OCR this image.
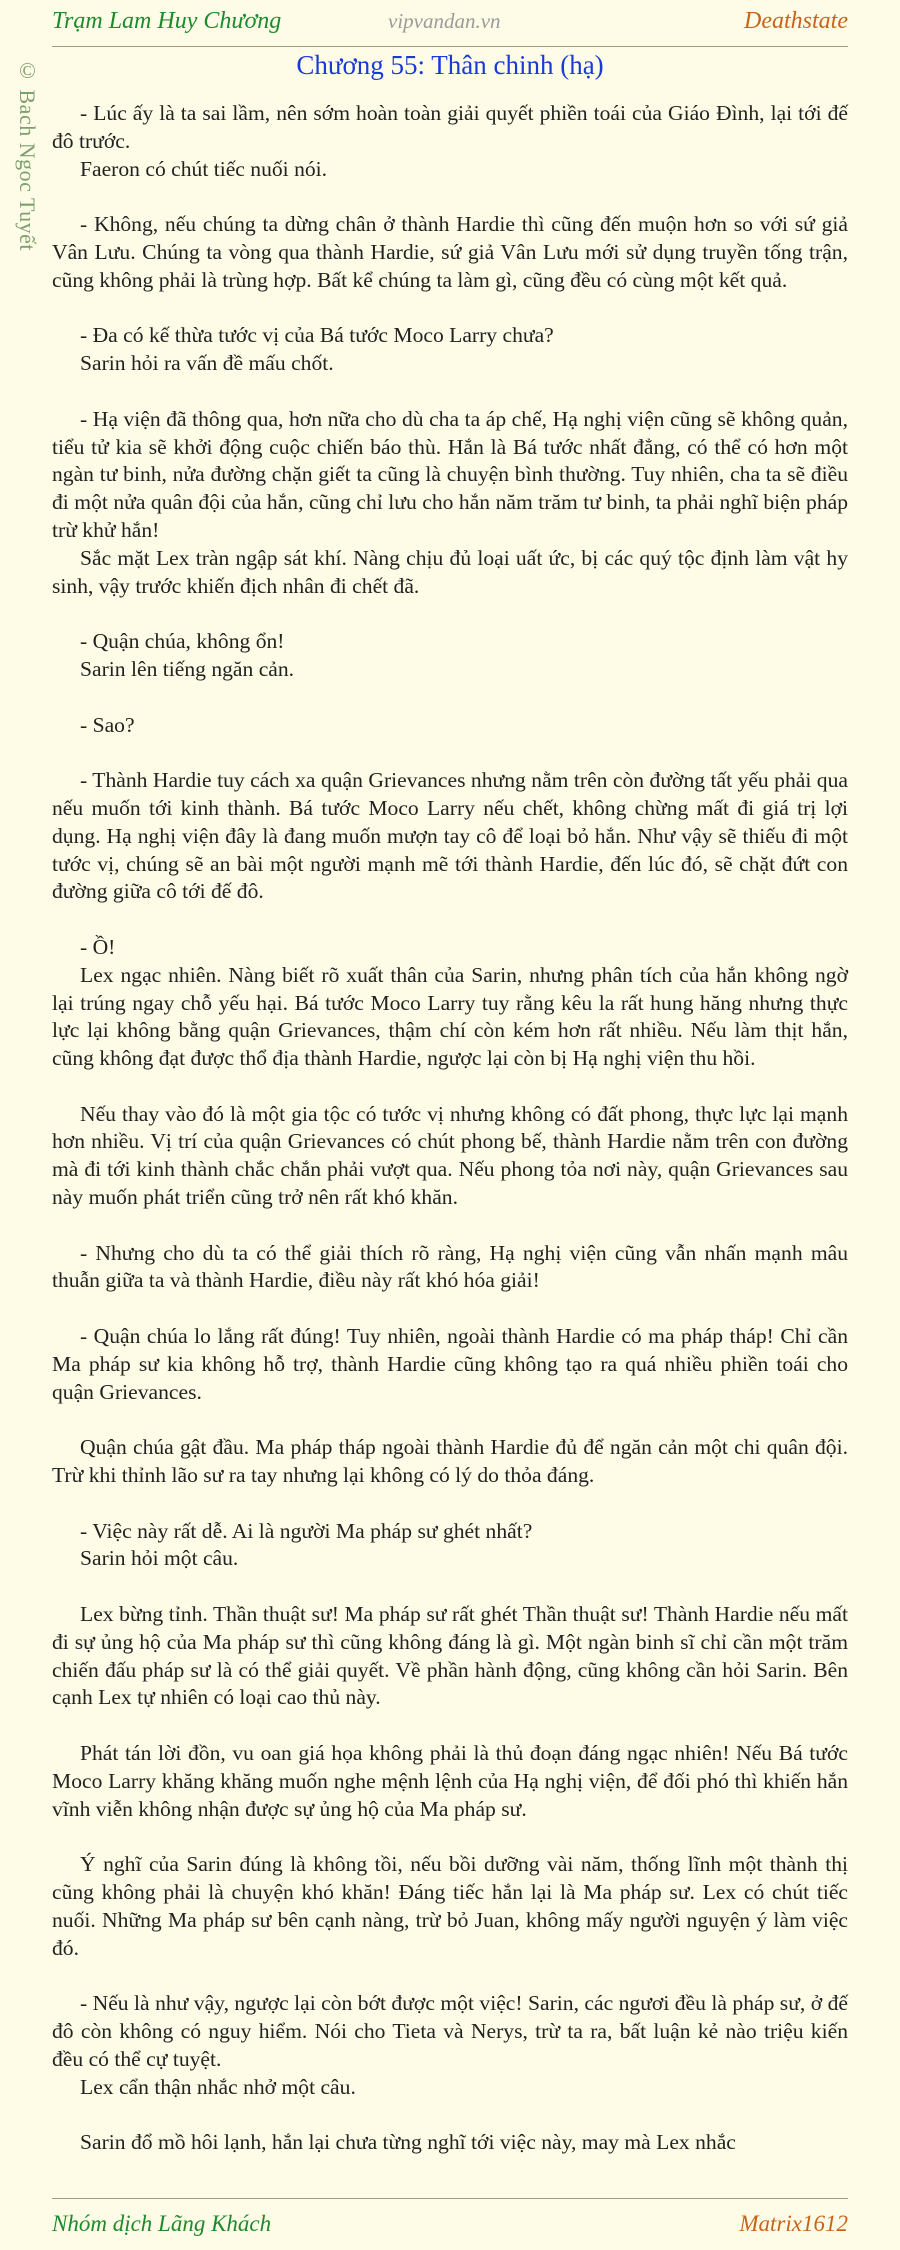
© Bach Ngoc Tuyết
Trạm Lam Huy Chương	vipvandan.vn	Deathstate
Chương 55: Thân chinh (hạ)

- Lúc ấy là ta sai lầm, nên sớm hoàn toàn giải quyết phiền toái của Giáo Đình, lại tới đế đô trước.

Faeron có chút tiếc nuối nói.

- Không, nếu chúng ta dừng chân ở thành Hardie thì cũng đến muộn hơn so với sứ giả Vân Lưu. Chúng ta vòng qua thành Hardie, sứ giả Vân Lưu mới sử dụng truyền tống trận, cũng không phải là trùng hợp. Bất kể chúng ta làm gì, cũng đều có cùng một kết quả.

- Đa có kế thừa tước vị của Bá tước Moco Larry chưa?

Sarin hỏi ra vấn đề mấu chốt.

- Hạ viện đã thông qua, hơn nữa cho dù cha ta áp chế, Hạ nghị viện cũng sẽ không quản, tiểu tử kia sẽ khởi động cuộc chiến báo thù. Hắn là Bá tước nhất đẳng, có thể có hơn một ngàn tư binh, nửa đường chặn giết ta cũng là chuyện bình thường. Tuy nhiên, cha ta sẽ điều đi một nửa quân đội của hắn, cũng chỉ lưu cho hắn năm trăm tư binh, ta phải nghĩ biện pháp trừ khử hắn!

Sắc mặt Lex tràn ngập sát khí. Nàng chịu đủ loại uất ức, bị các quý tộc định làm vật hy sinh, vậy trước khiến địch nhân đi chết đã.

- Quận chúa, không ổn!

Sarin lên tiếng ngăn cản.

- Sao?

- Thành Hardie tuy cách xa quận Grievances nhưng nằm trên còn đường tất yếu phải qua nếu muốn tới kinh thành. Bá tước Moco Larry nếu chết, không chừng mất đi giá trị lợi dụng. Hạ nghị viện đây là đang muốn mượn tay cô để loại bỏ hắn. Như vậy sẽ thiếu đi một tước vị, chúng sẽ an bài một người mạnh mẽ tới thành Hardie, đến lúc đó, sẽ chặt đứt con đường giữa cô tới đế đô.

- Ồ!

Lex ngạc nhiên. Nàng biết rõ xuất thân của Sarin, nhưng phân tích của hắn không ngờ lại trúng ngay chỗ yếu hại. Bá tước Moco Larry tuy rằng kêu la rất hung hăng nhưng thực lực lại không bằng quận Grievances, thậm chí còn kém hơn rất nhiều. Nếu làm thịt hắn, cũng không đạt được thổ địa thành Hardie, ngược lại còn bị Hạ nghị viện thu hồi.

Nếu thay vào đó là một gia tộc có tước vị nhưng không có đất phong, thực lực lại mạnh hơn nhiều. Vị trí của quận Grievances có chút phong bế, thành Hardie nằm trên con đường mà đi tới kinh thành chắc chắn phải vượt qua. Nếu phong tỏa nơi này, quận Grievances sau này muốn phát triển cũng trở nên rất khó khăn.

- Nhưng cho dù ta có thể giải thích rõ ràng, Hạ nghị viện cũng vẫn nhấn mạnh mâu thuẫn giữa ta và thành Hardie, điều này rất khó hóa giải!

- Quận chúa lo lắng rất đúng! Tuy nhiên, ngoài thành Hardie có ma pháp tháp! Chỉ cần Ma pháp sư kia không hỗ trợ, thành Hardie cũng không tạo ra quá nhiều phiền toái cho quận Grievances.

Quận chúa gật đầu. Ma pháp tháp ngoài thành Hardie đủ để ngăn cản một chi quân đội. Trừ khi thỉnh lão sư ra tay nhưng lại không có lý do thỏa đáng.

- Việc này rất dễ. Ai là người Ma pháp sư ghét nhất?

Sarin hỏi một câu.

Lex bừng tỉnh. Thần thuật sư! Ma pháp sư rất ghét Thần thuật sư! Thành Hardie nếu mất đi sự ủng hộ của Ma pháp sư thì cũng không đáng là gì. Một ngàn binh sĩ chỉ cần một trăm chiến đấu pháp sư là có thể giải quyết. Về phần hành động, cũng không cần hỏi Sarin. Bên cạnh Lex tự nhiên có loại cao thủ này.

Phát tán lời đồn, vu oan giá họa không phải là thủ đoạn đáng ngạc nhiên! Nếu Bá tước Moco Larry khăng khăng muốn nghe mệnh lệnh của Hạ nghị viện, để đối phó thì khiến hắn vĩnh viễn không nhận được sự ủng hộ của Ma pháp sư.

Ý nghĩ của Sarin đúng là không tồi, nếu bồi dưỡng vài năm, thống lĩnh một thành thị cũng không phải là chuyện khó khăn! Đáng tiếc hắn lại là Ma pháp sư. Lex có chút tiếc nuối. Những Ma pháp sư bên cạnh nàng, trừ bỏ Juan, không mấy người nguyện ý làm việc đó.

- Nếu là như vậy, ngược lại còn bớt được một việc! Sarin, các ngươi đều là pháp sư, ở đế đô còn không có nguy hiểm. Nói cho Tieta và Nerys, trừ ta ra, bất luận kẻ nào triệu kiến đều có thể cự tuyệt.

Lex cẩn thận nhắc nhở một câu.

Sarin đổ mồ hôi lạnh, hắn lại chưa từng nghĩ tới việc này, may mà Lex nhắc

Nhóm dịch Lãng Khách	Matrix1612
